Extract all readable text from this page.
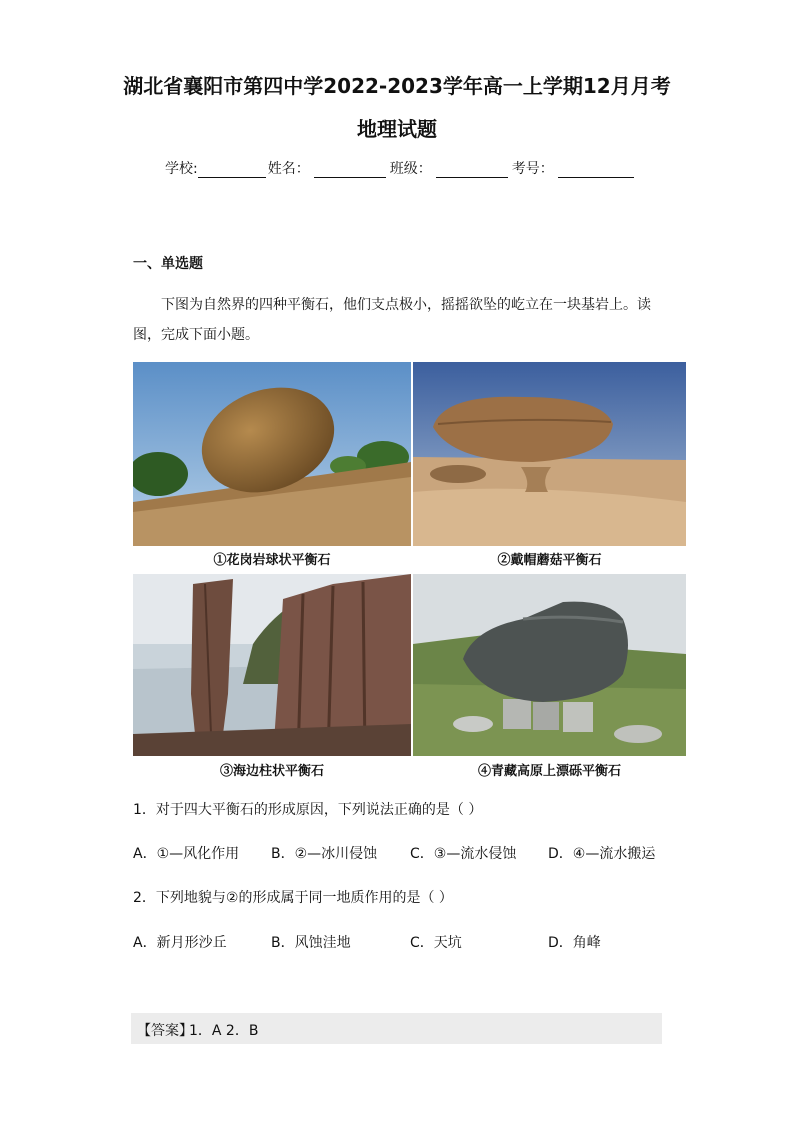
湖北省襄阳市第四中学2022-2023学年高一上学期12月月考
地理试题
学校:	姓名：	班级：	考号：
一、单选题
下图为自然界的四种平衡石，他们支点极小，摇摇欲坠的屹立在一块基岩上。读图，完成下面小题。
①花岗岩球状平衡石	②戴帽蘑菇平衡石
③海边柱状平衡石	④青藏高原上漂砾平衡石
1．对于四大平衡石的形成原因，下列说法正确的是（ ）
A．①—风化作用 B．②—冰川侵蚀 C．③—流水侵蚀 D．④—流水搬运
2．下列地貌与②的形成属于同一地质作用的是（ ）
A．新月形沙丘	B．风蚀洼地	C．天坑	D．角峰
【答案】
1．A 2．B
